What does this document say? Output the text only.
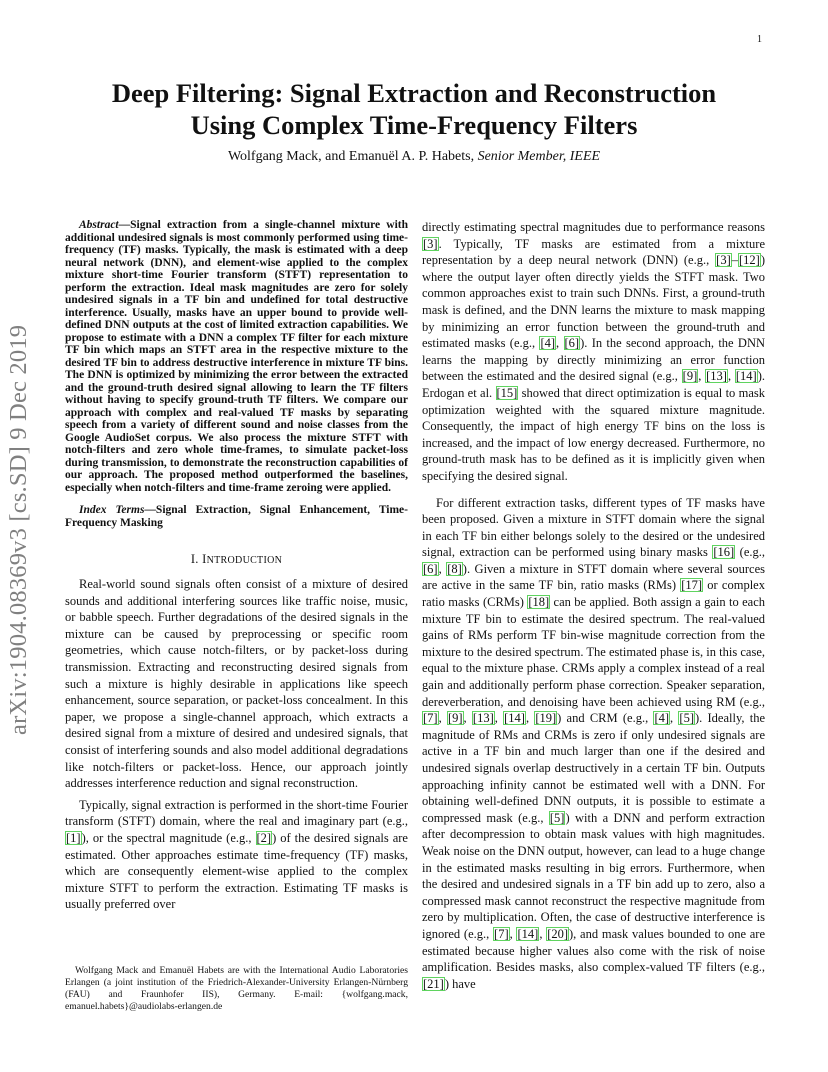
1
arXiv:1904.08369v3 [cs.SD] 9 Dec 2019
Deep Filtering: Signal Extraction and Reconstruction
Using Complex Time-Frequency Filters
Wolfgang Mack, and Emanuël A. P. Habets, Senior Member, IEEE

Abstract—Signal extraction from a single-channel mixture with additional undesired signals is most commonly performed using time-frequency (TF) masks. Typically, the mask is estimated with a deep neural network (DNN), and element-wise applied to the complex mixture short-time Fourier transform (STFT) representation to perform the extraction. Ideal mask magnitudes are zero for solely undesired signals in a TF bin and undefined for total destructive interference. Usually, masks have an upper bound to provide well-defined DNN outputs at the cost of limited extraction capabilities. We propose to estimate with a DNN a complex TF filter for each mixture TF bin which maps an STFT area in the respective mixture to the desired TF bin to address destructive interference in mixture TF bins. The DNN is optimized by minimizing the error between the extracted and the ground-truth desired signal allowing to learn the TF filters without having to specify ground-truth TF filters. We compare our approach with complex and real-valued TF masks by separating speech from a variety of different sound and noise classes from the Google AudioSet corpus. We also process the mixture STFT with notch-filters and zero whole time-frames, to simulate packet-loss during transmission, to demonstrate the reconstruction capabilities of our approach. The proposed method outperformed the baselines, especially when notch-filters and time-frame zeroing were applied.

Index Terms—Signal Extraction, Signal Enhancement, Time-Frequency Masking

I. INTRODUCTION

Real-world sound signals often consist of a mixture of desired sounds and additional interfering sources like traffic noise, music, or babble speech. Further degradations of the desired signals in the mixture can be caused by preprocessing or specific room geometries, which cause notch-filters, or by packet-loss during transmission. Extracting and reconstructing desired signals from such a mixture is highly desirable in applications like speech enhancement, source separation, or packet-loss concealment. In this paper, we propose a single-channel approach, which extracts a desired signal from a mixture of desired and undesired signals, that consist of interfering sounds and also model additional degradations like notch-filters or packet-loss. Hence, our approach jointly addresses interference reduction and signal reconstruction.

Typically, signal extraction is performed in the short-time Fourier transform (STFT) domain, where the real and imaginary part (e.g., [1]), or the spectral magnitude (e.g., [2]) of the desired signals are estimated. Other approaches estimate time-frequency (TF) masks, which are consequently element-wise applied to the complex mixture STFT to perform the extraction. Estimating TF masks is usually preferred over

Wolfgang Mack and Emanuël Habets are with the International Audio Laboratories Erlangen (a joint institution of the Friedrich-Alexander-University Erlangen-Nürnberg (FAU) and Fraunhofer IIS), Germany. E-mail: {wolfgang.mack, emanuel.habets}@audiolabs-erlangen.de

directly estimating spectral magnitudes due to performance reasons [3]. Typically, TF masks are estimated from a mixture representation by a deep neural network (DNN) (e.g., [3]–[12]) where the output layer often directly yields the STFT mask. Two common approaches exist to train such DNNs. First, a ground-truth mask is defined, and the DNN learns the mixture to mask mapping by minimizing an error function between the ground-truth and estimated masks (e.g., [4], [6]). In the second approach, the DNN learns the mapping by directly minimizing an error function between the estimated and the desired signal (e.g., [9], [13], [14]). Erdogan et al. [15] showed that direct optimization is equal to mask optimization weighted with the squared mixture magnitude. Consequently, the impact of high energy TF bins on the loss is increased, and the impact of low energy decreased. Furthermore, no ground-truth mask has to be defined as it is implicitly given when specifying the desired signal.

For different extraction tasks, different types of TF masks have been proposed. Given a mixture in STFT domain where the signal in each TF bin either belongs solely to the desired or the undesired signal, extraction can be performed using binary masks [16] (e.g., [6], [8]). Given a mixture in STFT domain where several sources are active in the same TF bin, ratio masks (RMs) [17] or complex ratio masks (CRMs) [18] can be applied. Both assign a gain to each mixture TF bin to estimate the desired spectrum. The real-valued gains of RMs perform TF bin-wise magnitude correction from the mixture to the desired spectrum. The estimated phase is, in this case, equal to the mixture phase. CRMs apply a complex instead of a real gain and additionally perform phase correction. Speaker separation, dereverberation, and denoising have been achieved using RM (e.g., [7], [9], [13], [14], [19]) and CRM (e.g., [4], [5]). Ideally, the magnitude of RMs and CRMs is zero if only undesired signals are active in a TF bin and much larger than one if the desired and undesired signals overlap destructively in a certain TF bin. Outputs approaching infinity cannot be estimated well with a DNN. For obtaining well-defined DNN outputs, it is possible to estimate a compressed mask (e.g., [5]) with a DNN and perform extraction after decompression to obtain mask values with high magnitudes. Weak noise on the DNN output, however, can lead to a huge change in the estimated masks resulting in big errors. Furthermore, when the desired and undesired signals in a TF bin add up to zero, also a compressed mask cannot reconstruct the respective magnitude from zero by multiplication. Often, the case of destructive interference is ignored (e.g., [7], [14], [20]), and mask values bounded to one are estimated because higher values also come with the risk of noise amplification. Besides masks, also complex-valued TF filters (e.g., [21]) have
